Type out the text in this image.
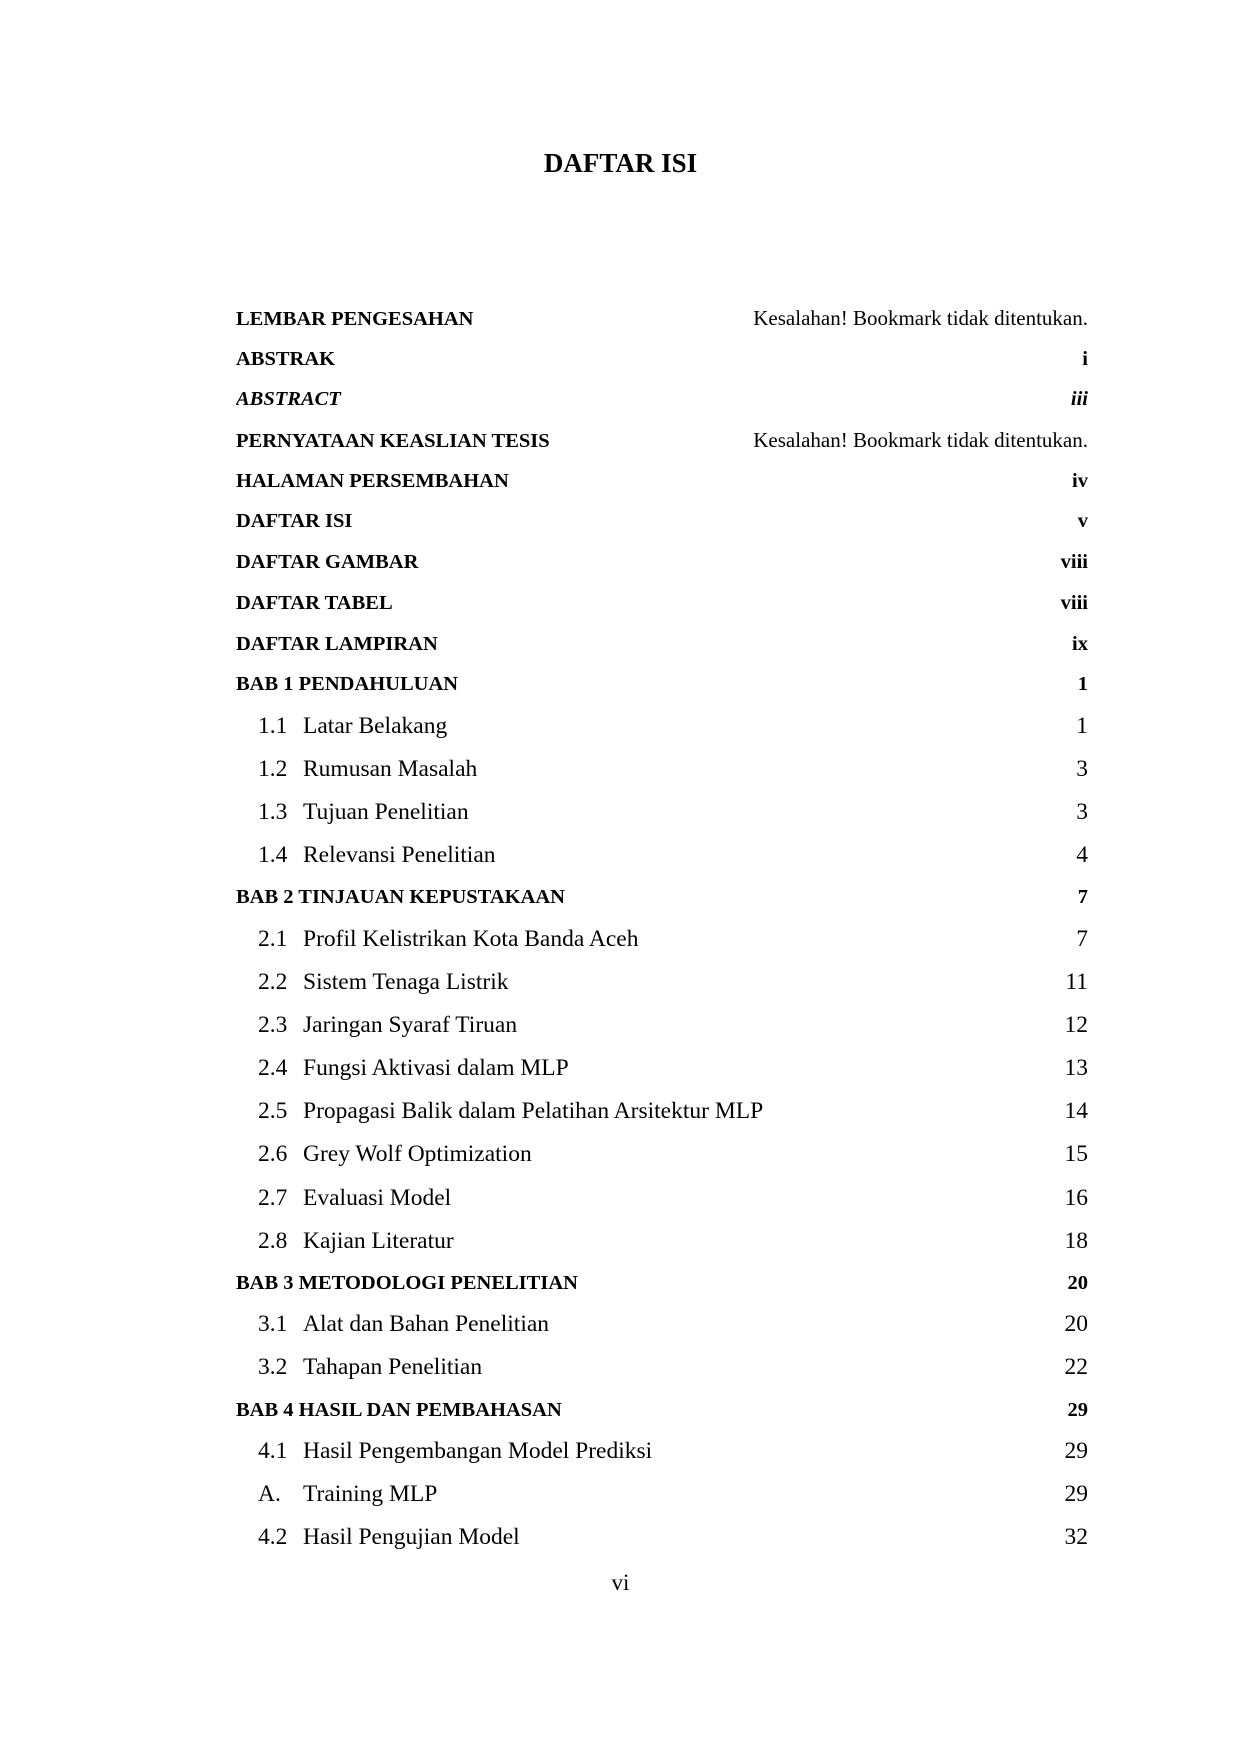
DAFTAR ISI
LEMBAR PENGESAHAN .....	Kesalahan! Bookmark tidak ditentukan.
ABSTRAK .....	i
ABSTRACT .....	iii
PERNYATAAN KEASLIAN TESIS .....	Kesalahan! Bookmark tidak ditentukan.
HALAMAN PERSEMBAHAN .....	iv
DAFTAR ISI .....	v
DAFTAR GAMBAR .....	viii
DAFTAR TABEL .....	viii
DAFTAR LAMPIRAN .....	ix
BAB 1 PENDAHULUAN .....	1
1.1 Latar Belakang .....	1
1.2 Rumusan Masalah .....	3
1.3 Tujuan Penelitian .....	3
1.4 Relevansi Penelitian .....	4
BAB 2 TINJAUAN KEPUSTAKAAN .....	7
2.1 Profil Kelistrikan Kota Banda Aceh .....	7
2.2 Sistem Tenaga Listrik .....	11
2.3 Jaringan Syaraf Tiruan .....	12
2.4 Fungsi Aktivasi dalam MLP .....	13
2.5 Propagasi Balik dalam Pelatihan Arsitektur MLP .....	14
2.6 Grey Wolf Optimization .....	15
2.7 Evaluasi Model .....	16
2.8 Kajian Literatur .....	18
BAB 3 METODOLOGI PENELITIAN .....	20
3.1 Alat dan Bahan Penelitian .....	20
3.2 Tahapan Penelitian .....	22
BAB 4 HASIL DAN PEMBAHASAN .....	29
4.1 Hasil Pengembangan Model Prediksi .....	29
A. Training MLP .....	29
4.2 Hasil Pengujian Model .....	32
vi
